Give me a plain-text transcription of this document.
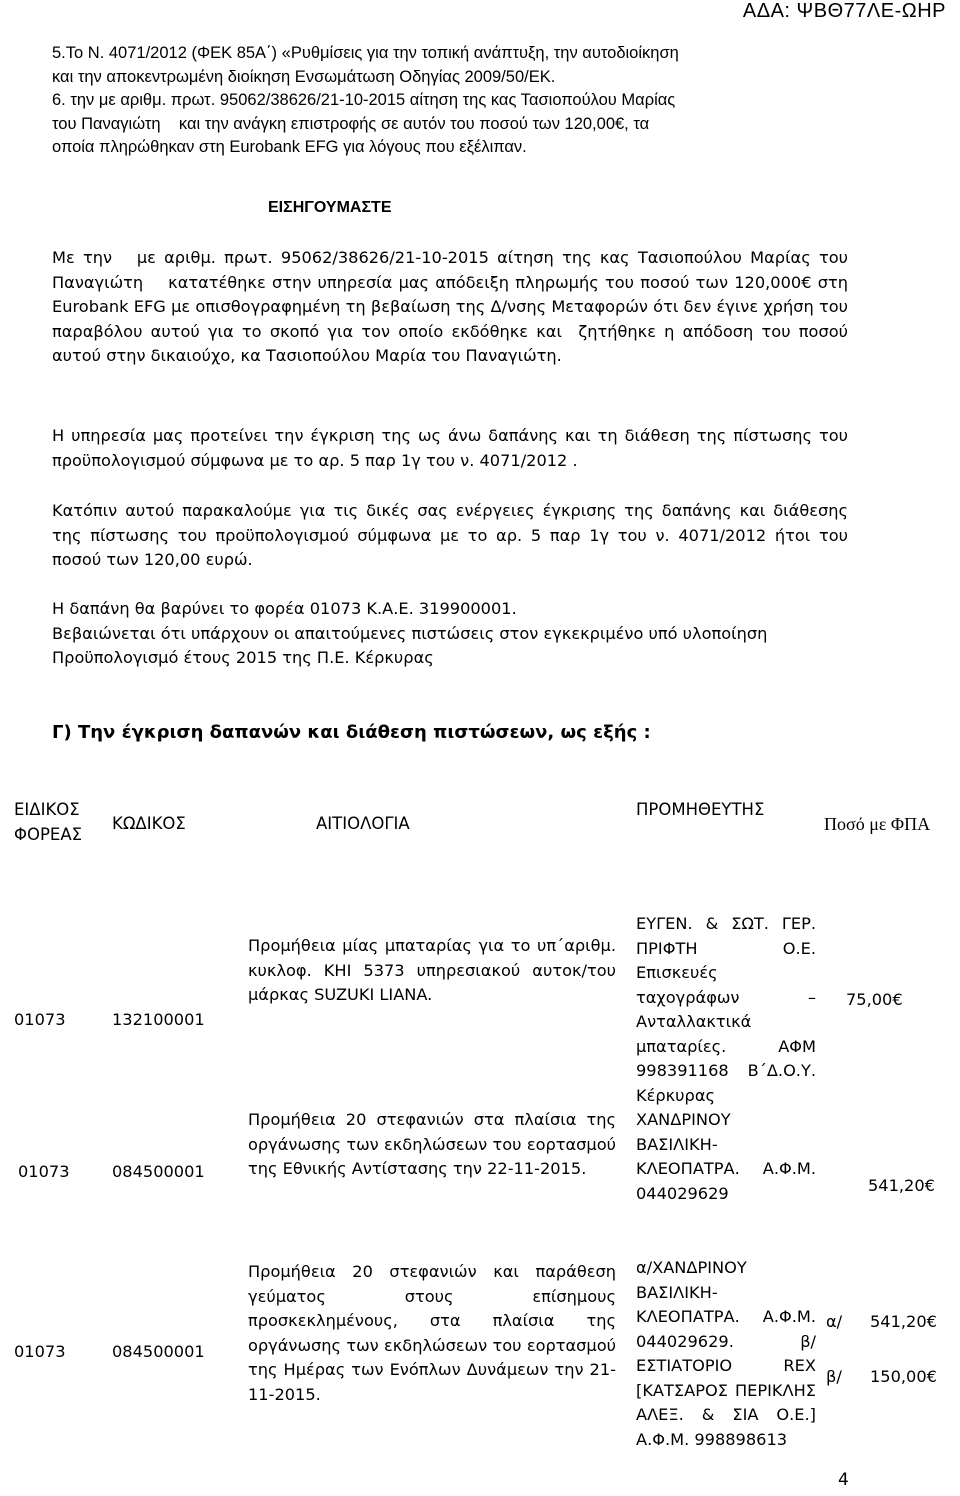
ΑΔΑ: ΨΒΘ77ΛΕ-ΩΗΡ

5.Το Ν. 4071/2012 (ΦΕΚ 85Α΄) «Ρυθμίσεις για την τοπική ανάπτυξη, την αυτοδιοίκηση

και την αποκεντρωμένη διοίκηση Ενσωμάτωση Οδηγίας 2009/50/ΕΚ.

6. την με αριθμ. πρωτ. 95062/38626/21-10-2015 αίτηση της κας Τασιοπούλου Μαρίας

του Παναγιώτη    και την ανάγκη επιστροφής σε αυτόν του ποσού των 120,00€, τα

οποία πληρώθηκαν στη Eurobank EFG για λόγους που εξέλιπαν.

ΕΙΣΗΓΟΥΜΑΣΤΕ

Με την   με αριθμ. πρωτ. 95062/38626/21-10-2015 αίτηση της κας Τασιοπούλου Μαρίας του Παναγιώτη    κατατέθηκε στην υπηρεσία μας απόδειξη πληρωμής του ποσού των 120,000€ στη Eurobank EFG με οπισθογραφημένη τη βεβαίωση της Δ/νσης Μεταφορών ότι δεν έγινε χρήση του παραβόλου αυτού για το σκοπό για τον οποίο εκδόθηκε και  ζητήθηκε η απόδοση του ποσού αυτού στην δικαιούχο, κα Τασιοπούλου Μαρία του Παναγιώτη.

Η υπηρεσία μας προτείνει την έγκριση της ως άνω δαπάνης και τη διάθεση της πίστωσης του προϋπολογισμού σύμφωνα με το αρ. 5 παρ 1γ του ν. 4071/2012 .

Κατόπιν αυτού παρακαλούμε για τις δικές σας ενέργειες έγκρισης της δαπάνης και διάθεσης της πίστωσης του προϋπολογισμού σύμφωνα με το αρ. 5 παρ 1γ του ν. 4071/2012 ήτοι του ποσού των 120,00 ευρώ.

Η δαπάνη θα βαρύνει το φορέα 01073 Κ.Α.Ε. 319900001.
Βεβαιώνεται ότι υπάρχουν οι απαιτούμενες πιστώσεις στον εγκεκριμένο υπό υλοποίηση
Προϋπολογισμό έτους 2015 της Π.Ε. Κέρκυρας
Γ) Την έγκριση δαπανών και διάθεση πιστώσεων, ως εξής :
ΕΙΔΙΚΟΣ
ΦΟΡΕΑΣ	ΚΩΔΙΚΟΣ	ΑΙΤΙΟΛΟΓΙΑ	ΠΡΟΜΗΘΕΥΤΗΣ	Ποσό με ΦΠΑ

01073	132100001	Προμήθεια μίας μπαταρίας για το υπ΄αριθμ. κυκλοφ. ΚΗΙ 5373 υπηρεσιακού αυτοκ/του μάρκας SUZUKI LIANA.	ΕΥΓΕΝ. & ΣΩΤ. ΓΕΡ. ΠΡΙΦΤΗ Ο.Ε. Επισκευές ταχογράφων – Ανταλλακτικά μπαταρίες. ΑΦΜ 998391168 Β΄Δ.Ο.Υ. Κέρκυρας	75,00€
01073	084500001	Προμήθεια 20 στεφανιών στα πλαίσια της οργάνωσης των εκδηλώσεων του εορτασμού της Εθνικής Αντίστασης την 22-11-2015.	ΧΑΝΔΡΙΝΟΥ ΒΑΣΙΛΙΚΗ- ΚΛΕΟΠΑΤΡΑ. Α.Φ.Μ. 044029629	541,20€
01073	084500001	Προμήθεια 20 στεφανιών και παράθεση γεύματος στους επίσημους προσκεκλημένους, στα πλαίσια της οργάνωσης των εκδηλώσεων του εορτασμού της Ημέρας των Ενόπλων Δυνάμεων την 21-11-2015.	α/ΧΑΝΔΡΙΝΟΥ ΒΑΣΙΛΙΚΗ- ΚΛΕΟΠΑΤΡΑ. Α.Φ.Μ. 044029629. β/ΕΣΤΙΑΤΟΡΙΟ REX [ΚΑΤΣΑΡΟΣ ΠΕΡΙΚΛΗΣ ΑΛΕΞ. & ΣΙΑ Ο.Ε.] Α.Φ.Μ. 998898613	α/ 541,20€
β/ 150,00€
4
